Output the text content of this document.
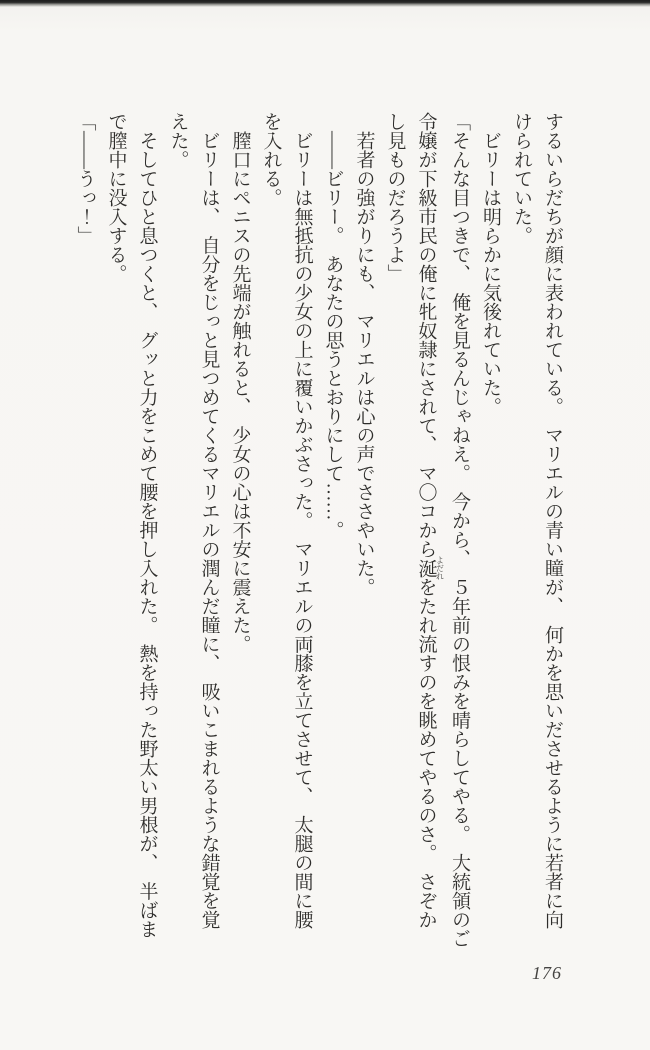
するいらだちが顔に表われている。　マリエルの青い瞳が、　何かを思いださせるように若者に向

けられていた。

　ビリーは明らかに気後れていた。

「そんな目つきで、　俺を見るんじゃねえ。　今から、　５年前の恨みを晴らしてやる。　大統領のご

令嬢が下級市民の俺に牝奴隷にされて、　マ〇コから涎 よだれをたれ流すのを眺めてやるのさ。　さぞか

し見ものだろうよ」

　若者の強がりにも、　マリエルは心の声でささやいた。

　――ビリー。　あなたの思うとおりにして……。

　ビリーは無抵抗の少女の上に覆いかぶさった。　マリエルの両膝を立てさせて、　太腿の間に腰

を入れる。

　膣口にペニスの先端が触れると、　少女の心は不安に震えた。

　ビリーは、　自分をじっと見つめてくるマリエルの潤んだ瞳に、　吸いこまれるような錯覚を覚

えた。

　そしてひと息つくと、　グッと力をこめて腰を押し入れた。　熱を持った野太い男根が、　半ばま

で膣中に没入する。

「――うっ！」

176
